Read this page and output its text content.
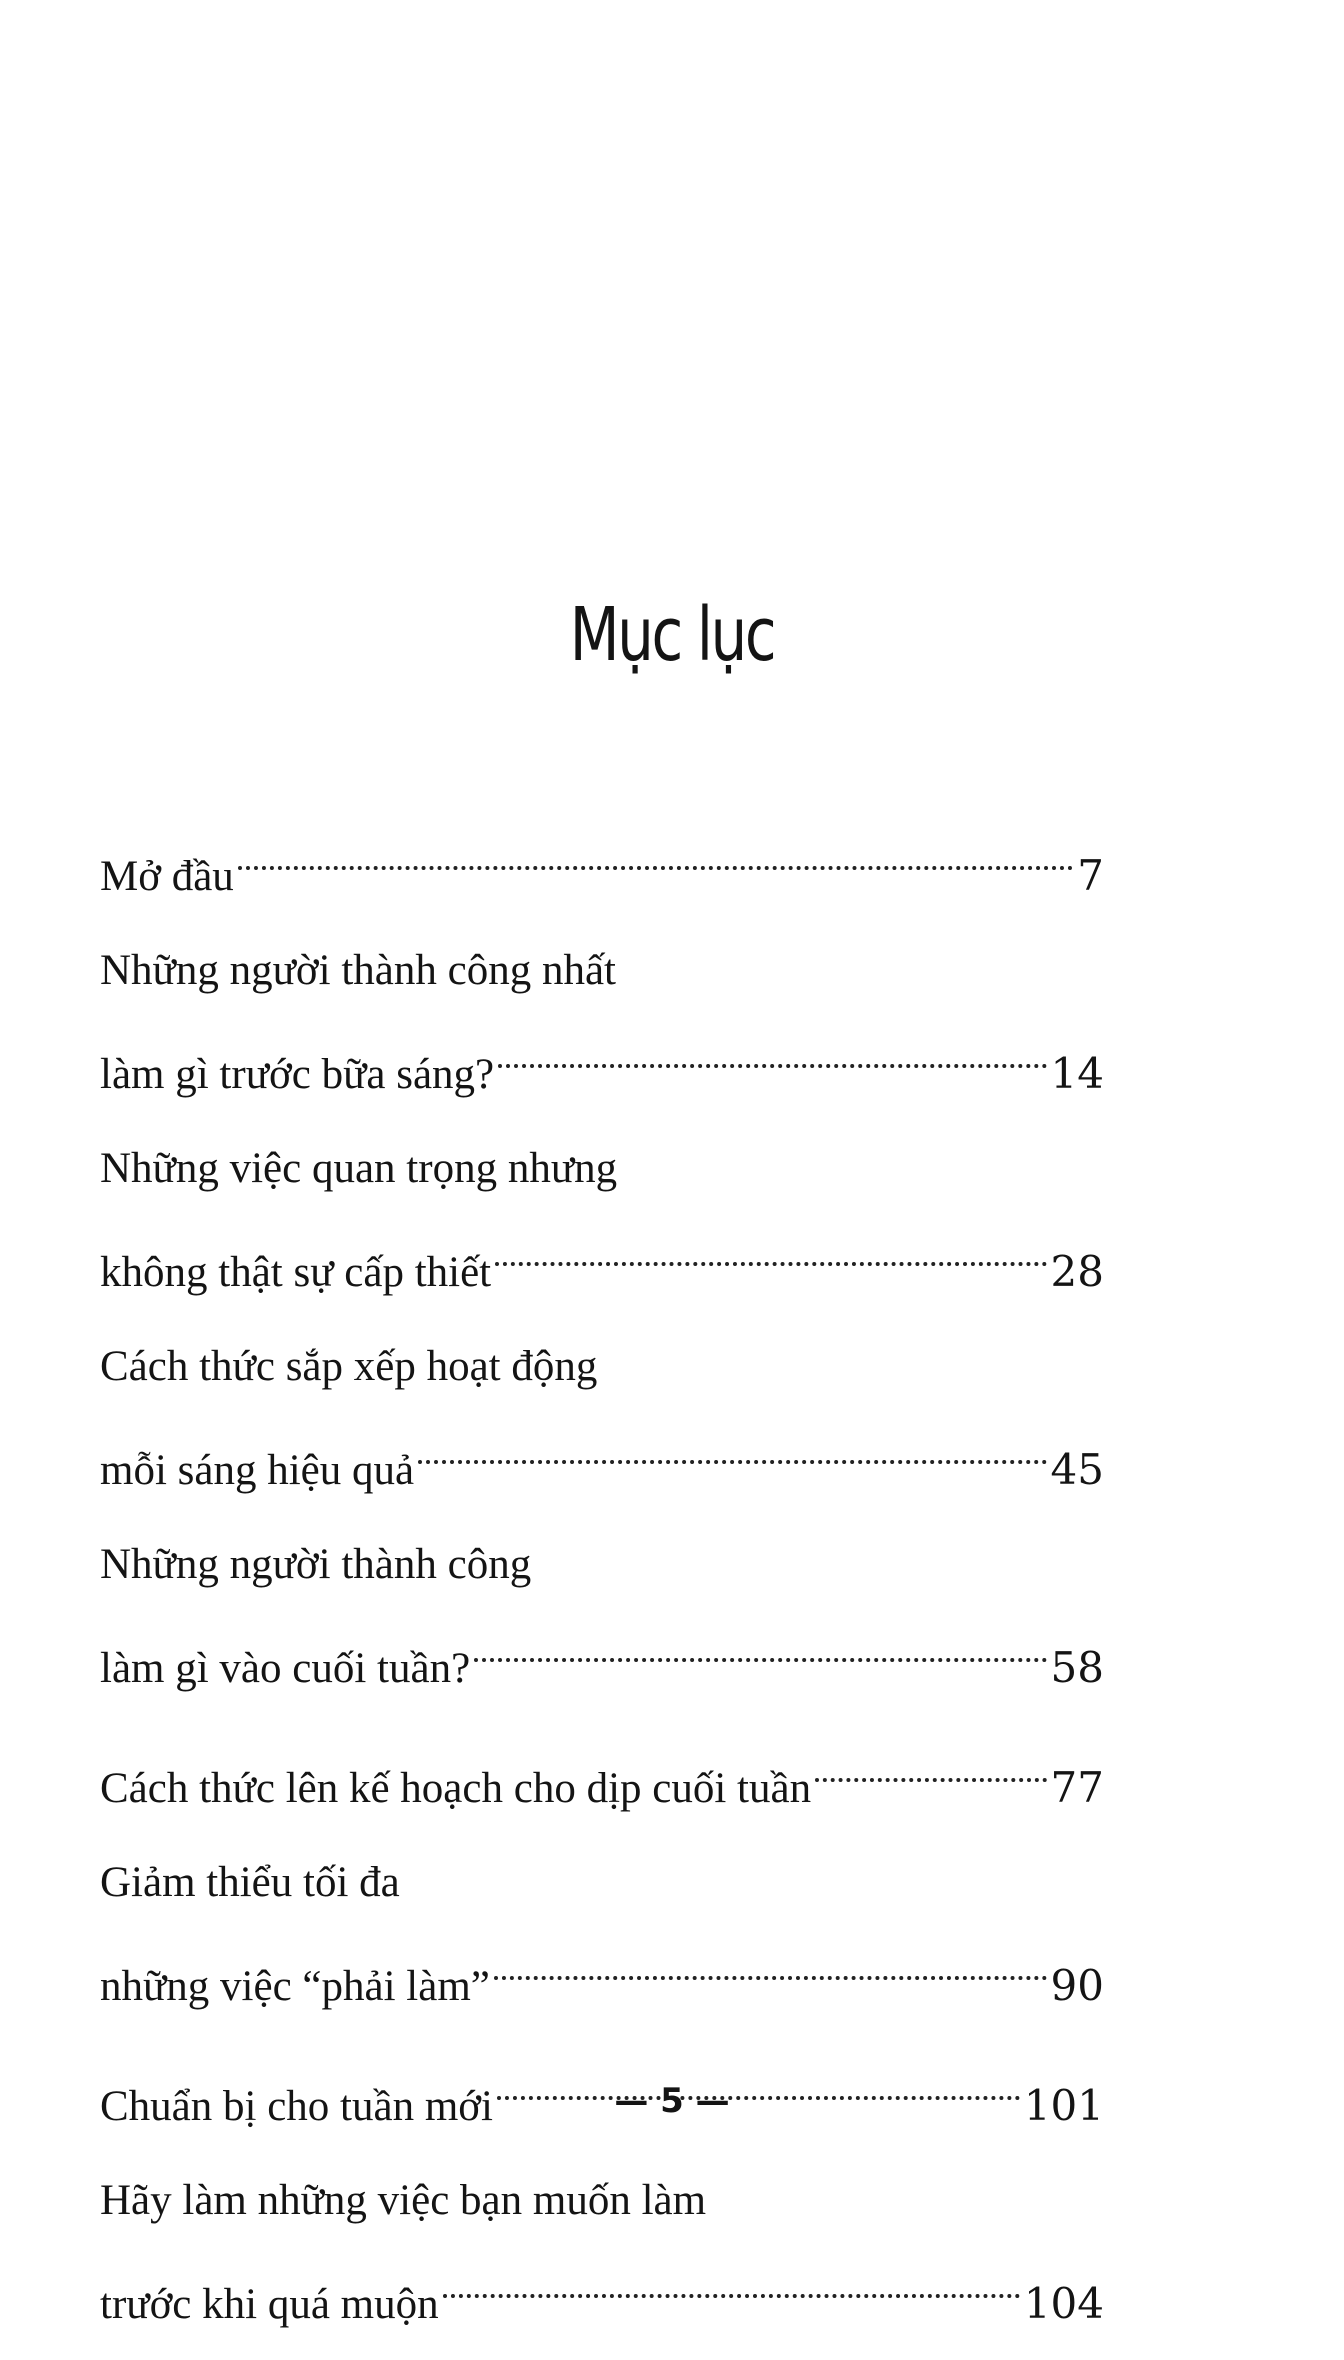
Mục lục
Mở đầu	7
Những người thành công nhất
làm gì trước bữa sáng?	14
Những việc quan trọng nhưng
không thật sự cấp thiết	28
Cách thức sắp xếp hoạt động
mỗi sáng hiệu quả	45
Những người thành công
làm gì vào cuối tuần?	58
Cách thức lên kế hoạch cho dịp cuối tuần	77
Giảm thiểu tối đa
những việc “phải làm”	90
Chuẩn bị cho tuần mới	101
Hãy làm những việc bạn muốn làm
trước khi quá muộn	104
— 5 —
